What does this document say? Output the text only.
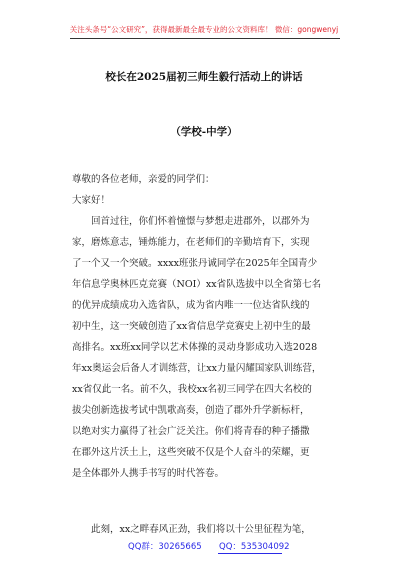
关注头条号“公文研究”，获得最新最全最专业的公文资料库！ 微信：gongwenyj
校长在2025届初三师生毅行活动上的讲话
（学校-中学）
尊敬的各位老师，亲爱的同学们：
大家好！
回首过往，你们怀着憧憬与梦想走进郡外，以郡外为
家，磨炼意志，锤炼能力，在老师们的辛勤培育下，实现
了一个又一个突破。xxxx班张丹诚同学在2025年全国青少
年信息学奥林匹克竞赛（NOI）xx省队选拔中以全省第七名
的优异成绩成功入选省队，成为省内唯一一位达省队线的
初中生，这一突破创造了xx省信息学竞赛史上初中生的最
高排名。xx班xx同学以艺术体操的灵动身影成功入选2028
年xx奥运会后备人才训练营，让xx力量闪耀国家队训练营，
xx省仅此一名。前不久，我校xx名初三同学在四大名校的
拔尖创新选拔考试中凯歌高奏，创造了郡外升学新标杆，
以绝对实力赢得了社会广泛关注。你们将青春的种子播撒
在郡外这片沃土上，这些突破不仅是个人奋斗的荣耀，更
是全体郡外人携手书写的时代答卷。
此刻，xx之畔春风正劲，我们将以十公里征程为笔，
QQ群：30265665 QQ：535304092
